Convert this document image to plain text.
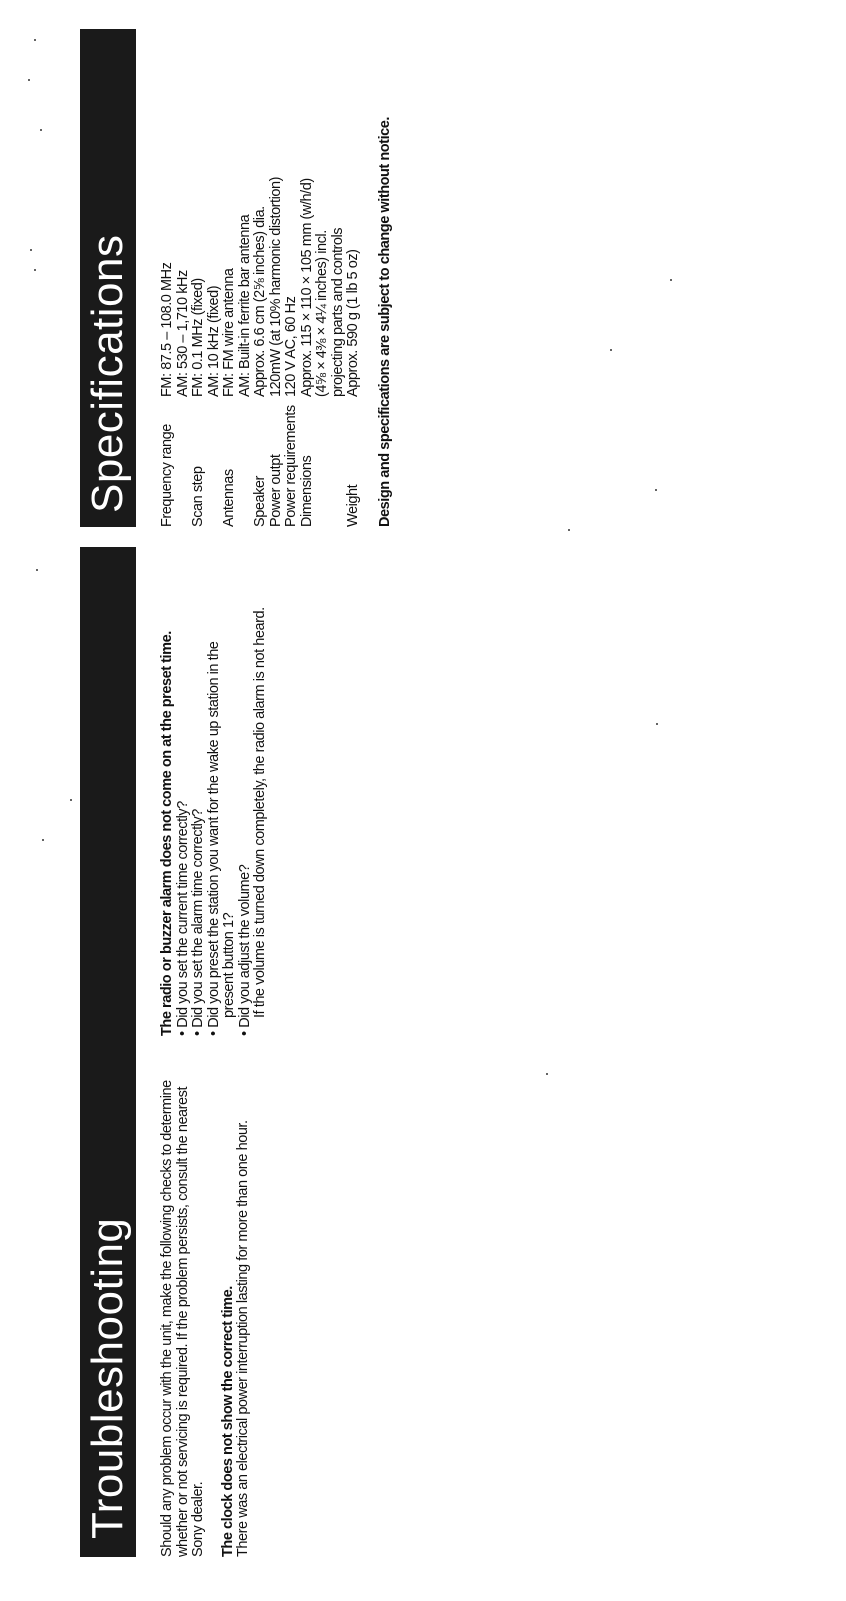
Troubleshooting
Specifications

Should any problem occur with the unit, make the following checks to determine whether or not servicing is required. If the problem persists, consult the nearest Sony dealer. The clock does not show the correct time. There was an electrical power interruption lasting for more than one hour.

The radio or buzzer alarm does not come on at the preset time. • Did you set the current time correctly? • Did you set the alarm time correctly? • Did you preset the station you want for the wake up station in the present button 1? • Did you adjust the volume? If the volume is turned down completely, the radio alarm is not heard.
Frequency range
FM: 87.5 – 108.0 MHz AM: 530 – 1,710 kHz
Scan step
FM: 0.1 MHz (fixed) AM: 10 kHz (fixed)
Antennas
FM: FM wire antenna AM: Built-in ferrite bar antenna
Speaker
Approx. 6.6 cm (2⅝ inches) dia.
Power outpt
120mW (at 10% harmonic distortion)
Power requirements
120 V AC, 60 Hz
Dimensions
Approx. 115 × 110 × 105 mm (w/h/d) (4⅝ × 4⅜ × 4¼ inches) incl. projecting parts and controls
Weight
Approx. 590 g (1 lb 5 oz) Design and specifications are subject to change without notice.
